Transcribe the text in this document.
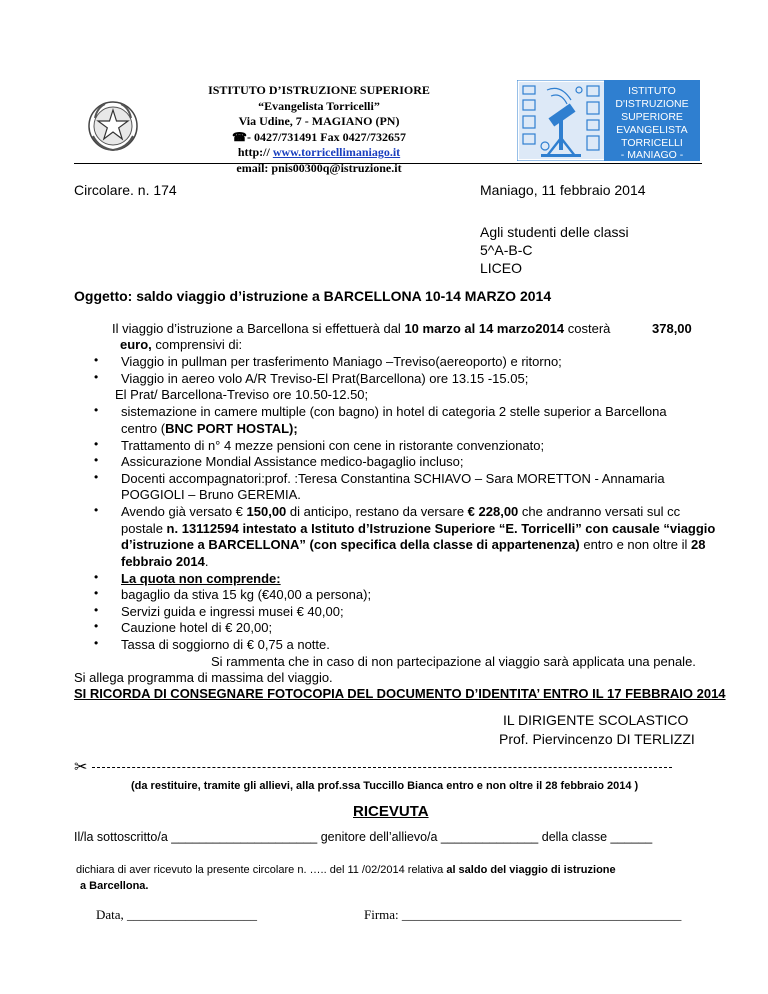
ISTITUTO D’ISTRUZIONE SUPERIORE
“Evangelista Torricelli”
Via Udine, 7 - MAGIANO (PN)
☎- 0427/731491 Fax 0427/732657
http:// www.torricellimaniago.it
email: pnis00300q@istruzione.it
ISTITUTO
D'ISTRUZIONE
SUPERIORE
EVANGELISTA
TORRICELLI
- MANIAGO -
Circolare. n. 174	Maniago, 11 febbraio 2014
Agli studenti delle classi
5^A-B-C
LICEO
Oggetto: saldo viaggio d’istruzione a BARCELLONA 10-14 MARZO 2014
Il viaggio d’istruzione a Barcellona si effettuerà dal 10 marzo al 14 marzo2014 costerà	378,00
euro, comprensivi di:
• Viaggio in pullman per trasferimento Maniago –Treviso(aereoporto) e ritorno;
• Viaggio in aereo volo A/R Treviso-El Prat(Barcellona) ore 13.15 -15.05;
El Prat/ Barcellona-Treviso ore 10.50-12.50;
• sistemazione in camere multiple (con bagno) in hotel di categoria 2 stelle superior a Barcellona
centro (BNC PORT HOSTAL);
• Trattamento di n° 4 mezze pensioni con cene in ristorante convenzionato;
• Assicurazione Mondial Assistance medico-bagaglio incluso;
• Docenti accompagnatori:prof. :Teresa Constantina SCHIAVO – Sara MORETTON - Annamaria
POGGIOLI – Bruno GEREMIA.
• Avendo già versato € 150,00 di anticipo, restano da versare € 228,00 che andranno versati sul cc
postale n. 13112594 intestato a Istituto d’Istruzione Superiore “E. Torricelli” con causale “viaggio
d’istruzione a BARCELLONA” (con specifica della classe di appartenenza) entro e non oltre il 28
febbraio 2014.
• La quota non comprende:
• bagaglio da stiva 15 kg (€40,00 a persona);
• Servizi guida e ingressi musei € 40,00;
• Cauzione hotel di € 20,00;
• Tassa di soggiorno di € 0,75 a notte.
Si rammenta che in caso di non partecipazione al viaggio sarà applicata una penale.
Si allega programma di massima del viaggio.
SI RICORDA DI CONSEGNARE FOTOCOPIA DEL DOCUMENTO D’IDENTITA’ ENTRO IL 17 FEBBRAIO 2014
IL DIRIGENTE SCOLASTICO
Prof. Piervincenzo DI TERLIZZI
✂
(da restituire, tramite gli allievi, alla prof.ssa Tuccillo Bianca entro e non oltre il 28 febbraio 2014 )
RICEVUTA
Il/la sottoscritto/a _____________________ genitore dell’allievo/a ______________ della classe ______
dichiara di aver ricevuto la presente circolare n. ….. del 11 /02/2014 relativa al saldo del viaggio di istruzione
a Barcellona.
Data, ____________________	Firma: ___________________________________________
